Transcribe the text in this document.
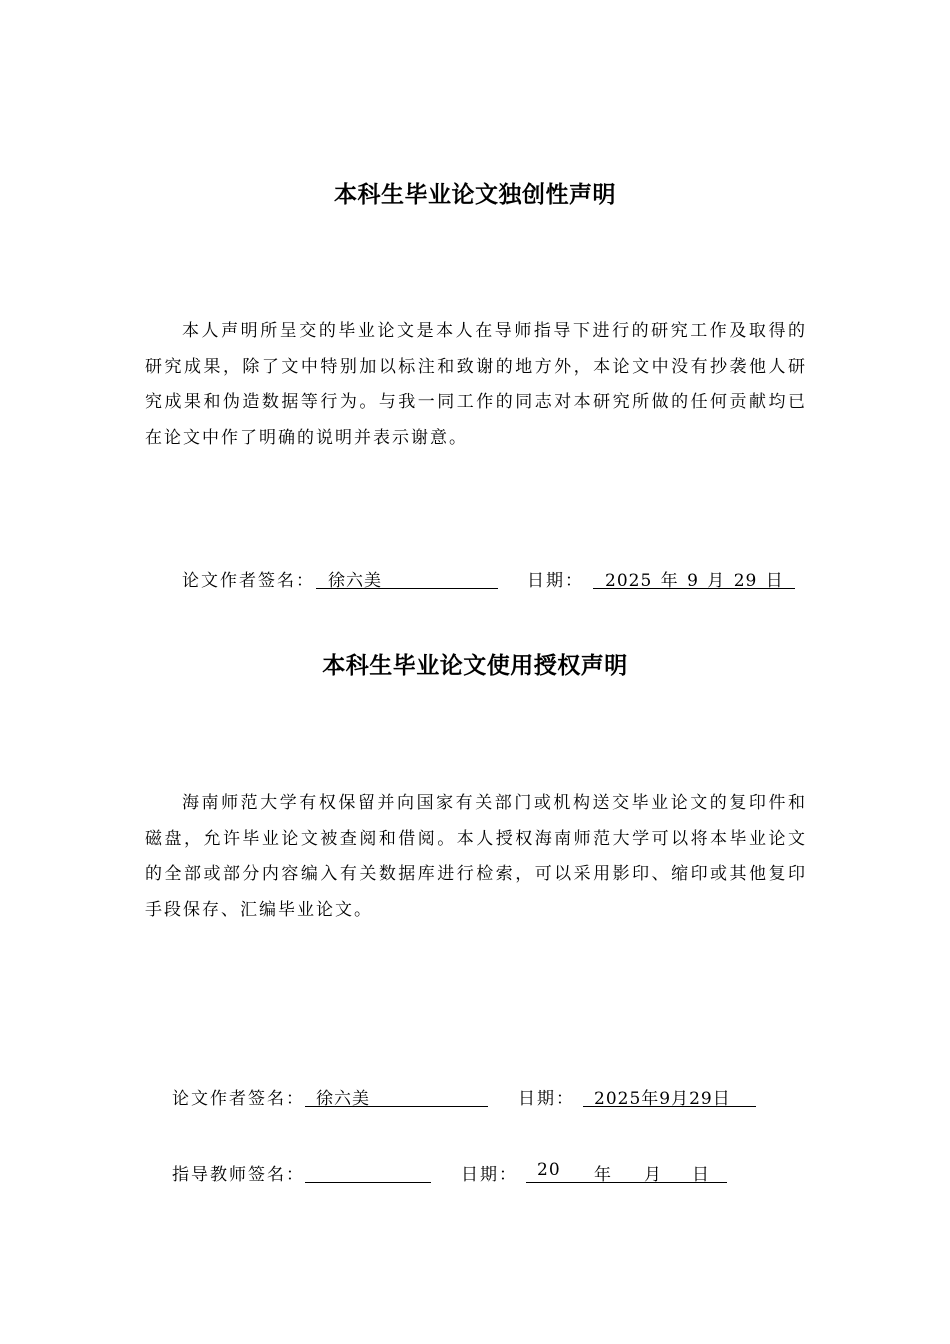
本科生毕业论文独创性声明

本人声明所呈交的毕业论文是本人在导师指导下进行的研究工作及取得的研究成果，除了文中特别加以标注和致谢的地方外，本论文中没有抄袭他人研究成果和伪造数据等行为。与我一同工作的同志对本研究所做的任何贡献均已在论文中作了明确的说明并表示谢意。

论文作者签名： 徐六美	日期： 2025 年 9 月 29 日
本科生毕业论文使用授权声明

海南师范大学有权保留并向国家有关部门或机构送交毕业论文的复印件和磁盘，允许毕业论文被查阅和借阅。本人授权海南师范大学可以将本毕业论文的全部或部分内容编入有关数据库进行检索，可以采用影印、缩印或其他复印手段保存、汇编毕业论文。

论文作者签名： 徐六美	日期： 2025年9月29日
指导教师签名：	日期： 20 年 月 日
